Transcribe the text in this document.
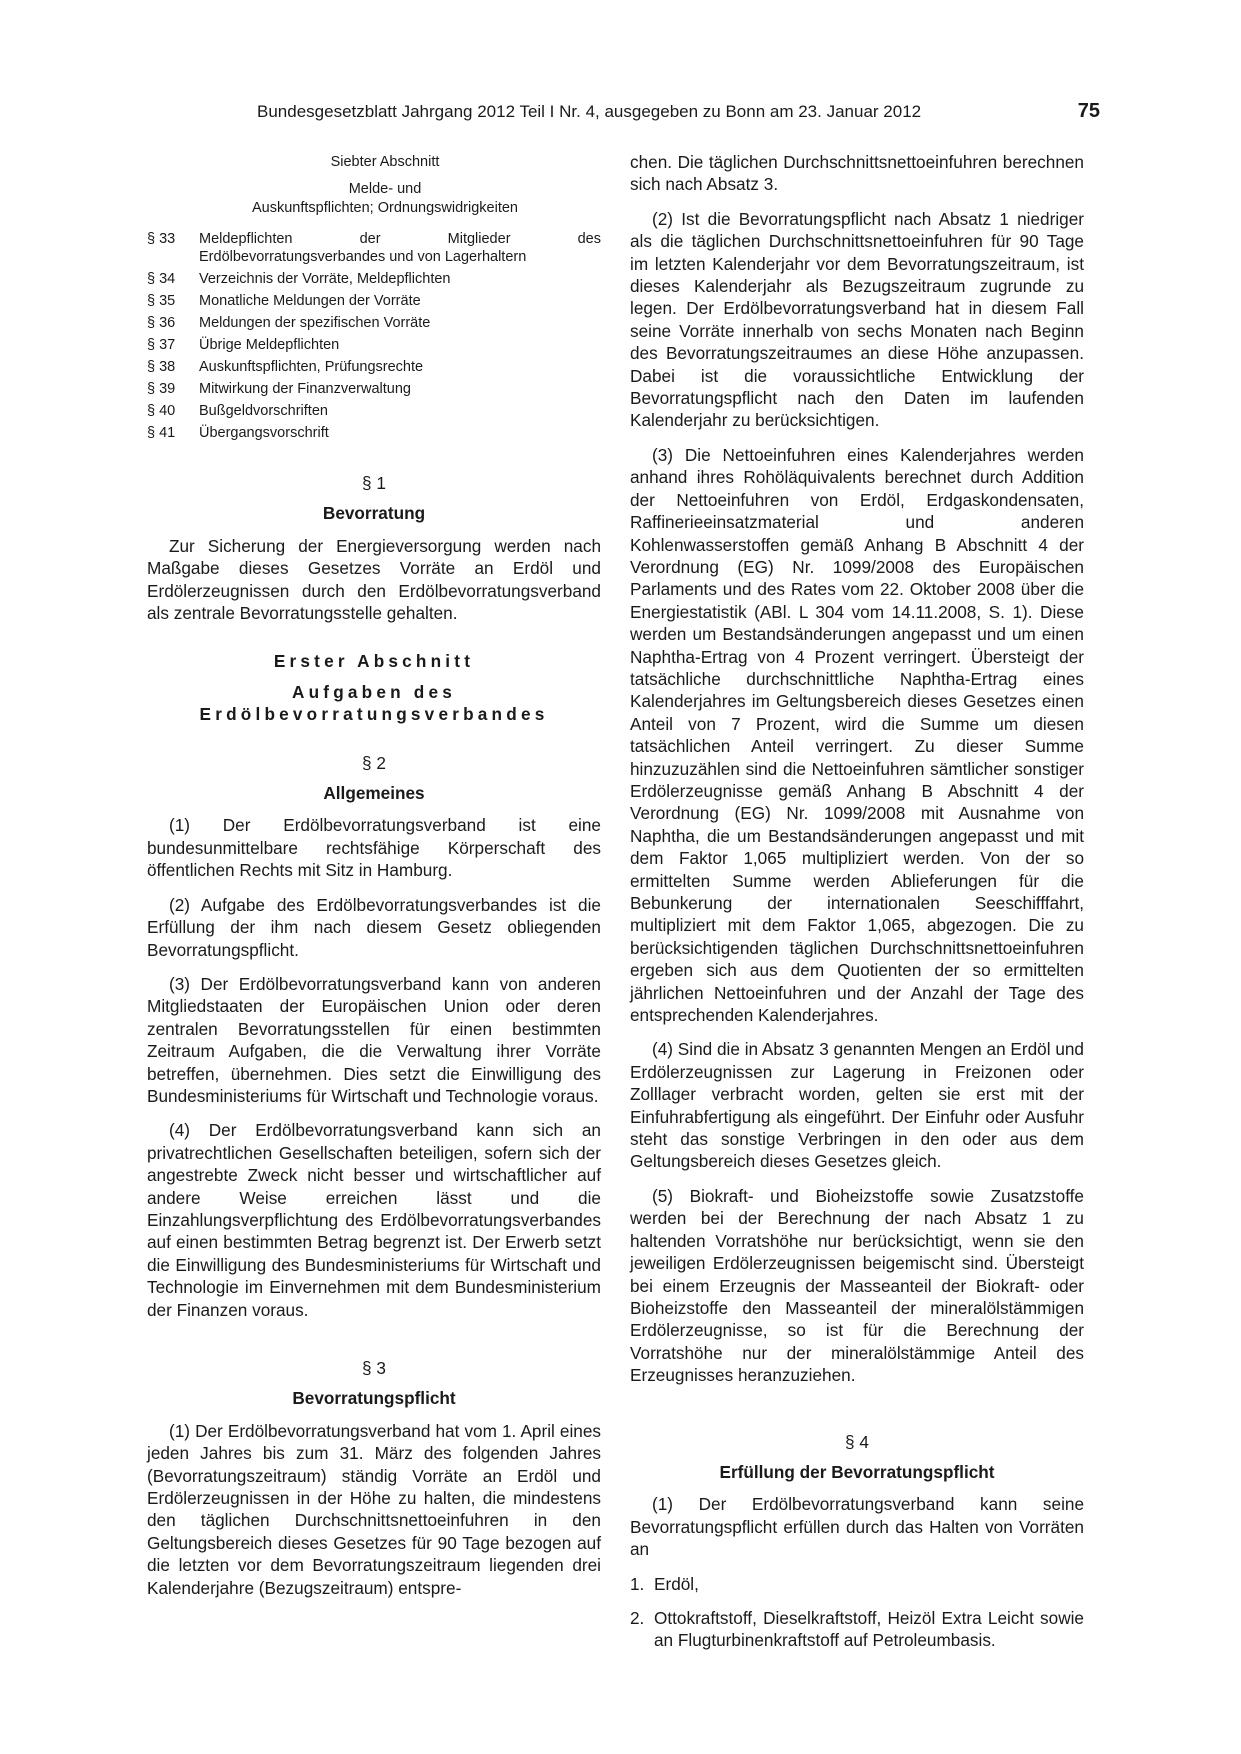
Bundesgesetzblatt Jahrgang 2012 Teil I Nr. 4, ausgegeben zu Bonn am 23. Januar 2012	75

Siebter Abschnitt

Melde- und

Auskunftspflichten; Ordnungswidrigkeiten

§ 33	Meldepflichten der Mitglieder des Erdölbevorratungsverbandes und von Lagerhaltern
§ 34	Verzeichnis der Vorräte, Meldepflichten
§ 35	Monatliche Meldungen der Vorräte
§ 36	Meldungen der spezifischen Vorräte
§ 37	Übrige Meldepflichten
§ 38	Auskunftspflichten, Prüfungsrechte
§ 39	Mitwirkung der Finanzverwaltung
§ 40	Bußgeldvorschriften
§ 41	Übergangsvorschrift
§ 1
Bevorratung

Zur Sicherung der Energieversorgung werden nach Maßgabe dieses Gesetzes Vorräte an Erdöl und Erdölerzeugnissen durch den Erdölbevorratungsverband als zentrale Bevorratungsstelle gehalten.

Erster Abschnitt
Aufgaben des
Erdölbevorratungsverbandes
§ 2
Allgemeines

(1) Der Erdölbevorratungsverband ist eine bundesunmittelbare rechtsfähige Körperschaft des öffentlichen Rechts mit Sitz in Hamburg.

(2) Aufgabe des Erdölbevorratungsverbandes ist die Erfüllung der ihm nach diesem Gesetz obliegenden Bevorratungspflicht.

(3) Der Erdölbevorratungsverband kann von anderen Mitgliedstaaten der Europäischen Union oder deren zentralen Bevorratungsstellen für einen bestimmten Zeitraum Aufgaben, die die Verwaltung ihrer Vorräte betreffen, übernehmen. Dies setzt die Einwilligung des Bundesministeriums für Wirtschaft und Technologie voraus.

(4) Der Erdölbevorratungsverband kann sich an privatrechtlichen Gesellschaften beteiligen, sofern sich der angestrebte Zweck nicht besser und wirtschaftlicher auf andere Weise erreichen lässt und die Einzahlungsverpflichtung des Erdölbevorratungsverbandes auf einen bestimmten Betrag begrenzt ist. Der Erwerb setzt die Einwilligung des Bundesministeriums für Wirtschaft und Technologie im Einvernehmen mit dem Bundesministerium der Finanzen voraus.

§ 3
Bevorratungspflicht

(1) Der Erdölbevorratungsverband hat vom 1. April eines jeden Jahres bis zum 31. März des folgenden Jahres (Bevorratungszeitraum) ständig Vorräte an Erdöl und Erdölerzeugnissen in der Höhe zu halten, die mindestens den täglichen Durchschnittsnettoeinfuhren in den Geltungsbereich dieses Gesetzes für 90 Tage bezogen auf die letzten vor dem Bevorratungszeitraum liegenden drei Kalenderjahre (Bezugszeitraum) entspre-

chen. Die täglichen Durchschnittsnettoeinfuhren berechnen sich nach Absatz 3.

(2) Ist die Bevorratungspflicht nach Absatz 1 niedriger als die täglichen Durchschnittsnettoeinfuhren für 90 Tage im letzten Kalenderjahr vor dem Bevorratungszeitraum, ist dieses Kalenderjahr als Bezugszeitraum zugrunde zu legen. Der Erdölbevorratungsverband hat in diesem Fall seine Vorräte innerhalb von sechs Monaten nach Beginn des Bevorratungszeitraumes an diese Höhe anzupassen. Dabei ist die voraussichtliche Entwicklung der Bevorratungspflicht nach den Daten im laufenden Kalenderjahr zu berücksichtigen.

(3) Die Nettoeinfuhren eines Kalenderjahres werden anhand ihres Rohöläquivalents berechnet durch Addition der Nettoeinfuhren von Erdöl, Erdgaskondensaten, Raffinerieeinsatzmaterial und anderen Kohlenwasserstoffen gemäß Anhang B Abschnitt 4 der Verordnung (EG) Nr. 1099/2008 des Europäischen Parlaments und des Rates vom 22. Oktober 2008 über die Energiestatistik (ABl. L 304 vom 14.11.2008, S. 1). Diese werden um Bestandsänderungen angepasst und um einen Naphtha-Ertrag von 4 Prozent verringert. Übersteigt der tatsächliche durchschnittliche Naphtha-Ertrag eines Kalenderjahres im Geltungsbereich dieses Gesetzes einen Anteil von 7 Prozent, wird die Summe um diesen tatsächlichen Anteil verringert. Zu dieser Summe hinzuzuzählen sind die Nettoeinfuhren sämtlicher sonstiger Erdölerzeugnisse gemäß Anhang B Abschnitt 4 der Verordnung (EG) Nr. 1099/2008 mit Ausnahme von Naphtha, die um Bestandsänderungen angepasst und mit dem Faktor 1,065 multipliziert werden. Von der so ermittelten Summe werden Ablieferungen für die Bebunkerung der internationalen Seeschifffahrt, multipliziert mit dem Faktor 1,065, abgezogen. Die zu berücksichtigenden täglichen Durchschnittsnettoeinfuhren ergeben sich aus dem Quotienten der so ermittelten jährlichen Nettoeinfuhren und der Anzahl der Tage des entsprechenden Kalenderjahres.

(4) Sind die in Absatz 3 genannten Mengen an Erdöl und Erdölerzeugnissen zur Lagerung in Freizonen oder Zolllager verbracht worden, gelten sie erst mit der Einfuhrabfertigung als eingeführt. Der Einfuhr oder Ausfuhr steht das sonstige Verbringen in den oder aus dem Geltungsbereich dieses Gesetzes gleich.

(5) Biokraft- und Bioheizstoffe sowie Zusatzstoffe werden bei der Berechnung der nach Absatz 1 zu haltenden Vorratshöhe nur berücksichtigt, wenn sie den jeweiligen Erdölerzeugnissen beigemischt sind. Übersteigt bei einem Erzeugnis der Masseanteil der Biokraft- oder Bioheizstoffe den Masseanteil der mineralölstämmigen Erdölerzeugnisse, so ist für die Berechnung der Vorratshöhe nur der mineralölstämmige Anteil des Erzeugnisses heranzuziehen.

§ 4
Erfüllung der Bevorratungspflicht

(1) Der Erdölbevorratungsverband kann seine Bevorratungspflicht erfüllen durch das Halten von Vorräten an

1. Erdöl,
2. Ottokraftstoff, Dieselkraftstoff, Heizöl Extra Leicht sowie an Flugturbinenkraftstoff auf Petroleumbasis.
